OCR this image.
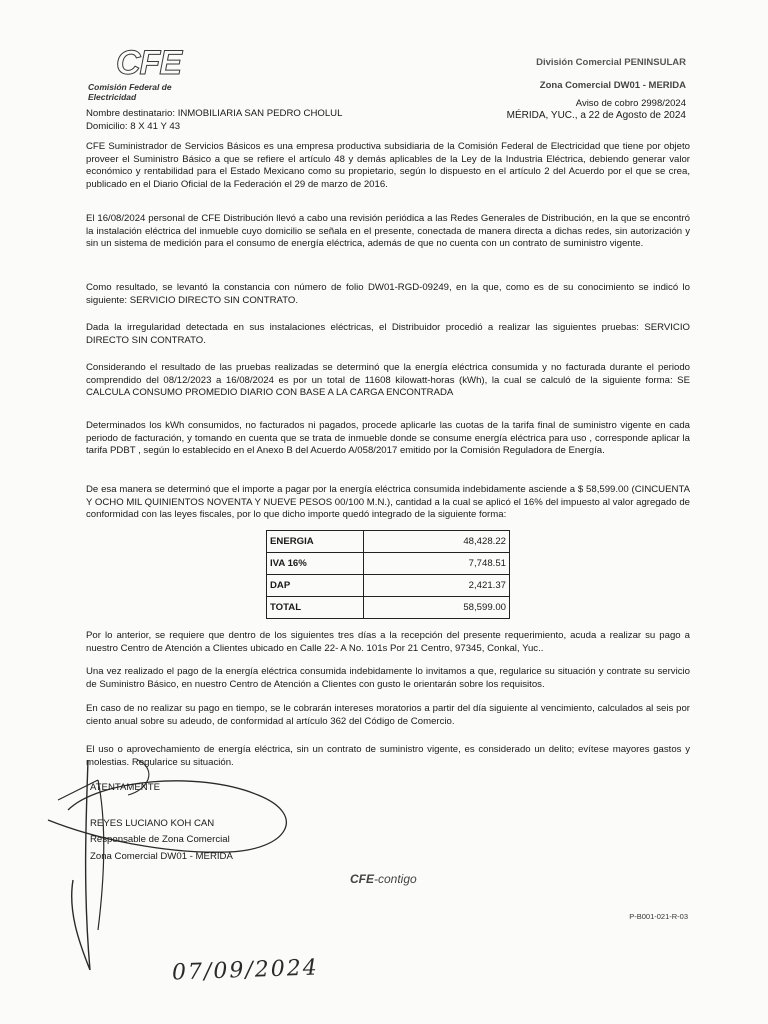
CFE
Comisión Federal de Electricidad
División Comercial PENINSULAR
Zona Comercial DW01 - MERIDA
Aviso de cobro 2998/2024
MÉRIDA, YUC., a 22 de Agosto de 2024
Nombre destinatario: INMOBILIARIA SAN PEDRO CHOLUL
Domicilio: 8 X 41 Y 43
CFE Suministrador de Servicios Básicos es una empresa productiva subsidiaria de la Comisión Federal de Electricidad que tiene por objeto proveer el Suministro Básico a que se refiere el artículo 48 y demás aplicables de la Ley de la Industria Eléctrica, debiendo generar valor económico y rentabilidad para el Estado Mexicano como su propietario, según lo dispuesto en el artículo 2 del Acuerdo por el que se crea, publicado en el Diario Oficial de la Federación el 29 de marzo de 2016.
El 16/08/2024 personal de CFE Distribución llevó a cabo una revisión periódica a las Redes Generales de Distribución, en la que se encontró la instalación eléctrica del inmueble cuyo domicilio se señala en el presente, conectada de manera directa a dichas redes, sin autorización y sin un sistema de medición para el consumo de energía eléctrica, además de que no cuenta con un contrato de suministro vigente.
Como resultado, se levantó la constancia con número de folio DW01-RGD-09249, en la que, como es de su conocimiento se indicó lo siguiente: SERVICIO DIRECTO SIN CONTRATO.
Dada la irregularidad detectada en sus instalaciones eléctricas, el Distribuidor procedió a realizar las siguientes pruebas: SERVICIO DIRECTO SIN CONTRATO.
Considerando el resultado de las pruebas realizadas se determinó que la energía eléctrica consumida y no facturada durante el periodo comprendido del 08/12/2023 a 16/08/2024 es por un total de 11608 kilowatt-horas (kWh), la cual se calculó de la siguiente forma: SE CALCULA CONSUMO PROMEDIO DIARIO CON BASE A LA CARGA ENCONTRADA
Determinados los kWh consumidos, no facturados ni pagados, procede aplicarle las cuotas de la tarifa final de suministro vigente en cada periodo de facturación, y tomando en cuenta que se trata de inmueble donde se consume energía eléctrica para uso , corresponde aplicar la tarifa PDBT , según lo establecido en el Anexo B del Acuerdo A/058/2017 emitido por la Comisión Reguladora de Energía.
De esa manera se determinó que el importe a pagar por la energía eléctrica consumida indebidamente asciende a $ 58,599.00 (CINCUENTA Y OCHO MIL QUINIENTOS NOVENTA Y NUEVE PESOS 00/100 M.N.), cantidad a la cual se aplicó el 16% del impuesto al valor agregado de conformidad con las leyes fiscales, por lo que dicho importe quedó integrado de la siguiente forma:
ENERGIA	48,428.22
IVA 16%	7,748.51
DAP	2,421.37
TOTAL	58,599.00
Por lo anterior, se requiere que dentro de los siguientes tres días a la recepción del presente requerimiento, acuda a realizar su pago a nuestro Centro de Atención a Clientes ubicado en Calle 22- A No. 101s Por 21 Centro, 97345, Conkal, Yuc..
Una vez realizado el pago de la energía eléctrica consumida indebidamente lo invitamos a que, regularice su situación y contrate su servicio de Suministro Básico, en nuestro Centro de Atención a Clientes con gusto le orientarán sobre los requisitos.
En caso de no realizar su pago en tiempo, se le cobrarán intereses moratorios a partir del día siguiente al vencimiento, calculados al seis por ciento anual sobre su adeudo, de conformidad al artículo 362 del Código de Comercio.
El uso o aprovechamiento de energía eléctrica, sin un contrato de suministro vigente, es considerado un delito; evítese mayores gastos y molestias. Regularice su situación.
ATENTAMENTE
REYES LUCIANO KOH CAN
Responsable de Zona Comercial
Zona Comercial DW01 - MERIDA
CFE-contigo
P-B001-021-R-03
07/09/2024
